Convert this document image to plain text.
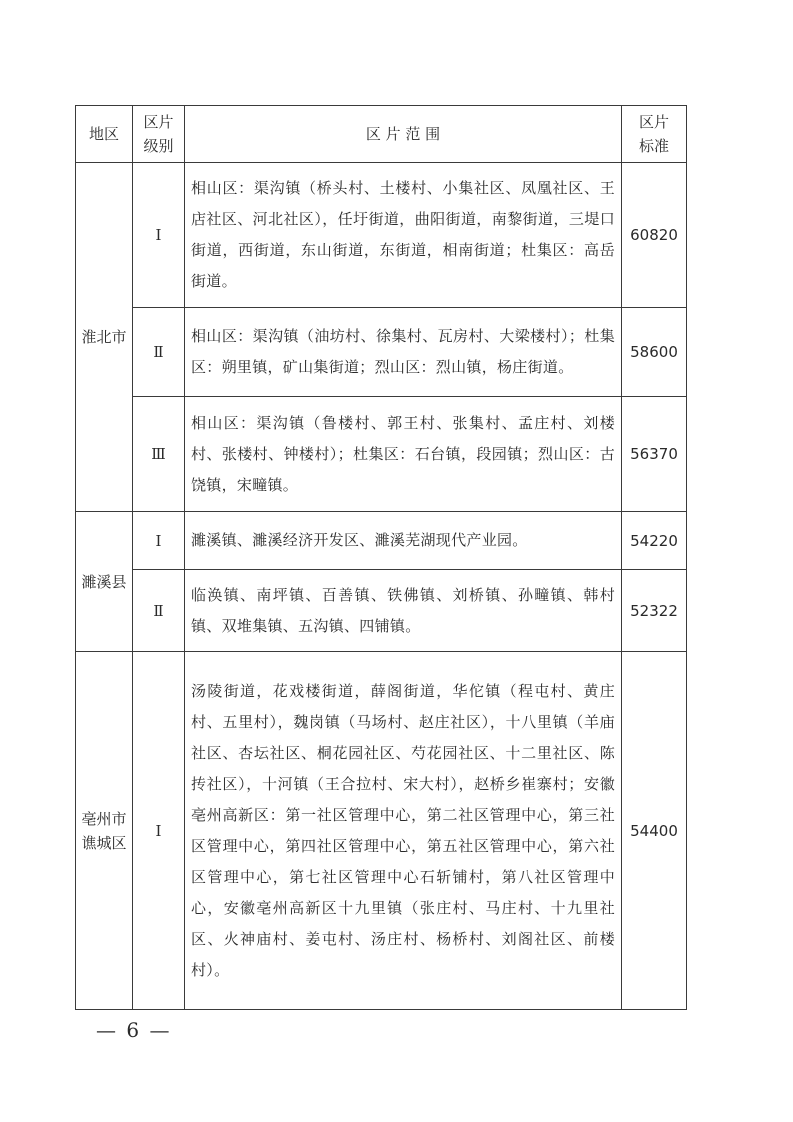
地区	区片级别	区 片 范 围	区片标准
淮北市	Ⅰ	相山区：渠沟镇（桥头村、土楼村、小集社区、凤凰社区、王店社区、河北社区），任圩街道，曲阳街道，南黎街道，三堤口街道，西街道，东山街道，东街道，相南街道；杜集区：高岳街道。	60820
	Ⅱ	相山区：渠沟镇（油坊村、徐集村、瓦房村、大梁楼村）；杜集区：朔里镇，矿山集街道；烈山区：烈山镇，杨庄街道。	58600
	Ⅲ	相山区：渠沟镇（鲁楼村、郭王村、张集村、孟庄村、刘楼村、张楼村、钟楼村）；杜集区：石台镇，段园镇；烈山区：古饶镇，宋疃镇。	56370
濉溪县	Ⅰ	濉溪镇、濉溪经济开发区、濉溪芜湖现代产业园。	54220
	Ⅱ	临涣镇、南坪镇、百善镇、铁佛镇、刘桥镇、孙疃镇、韩村镇、双堆集镇、五沟镇、四铺镇。	52322
亳州市谯城区	Ⅰ	汤陵街道，花戏楼街道，薛阁街道，华佗镇（程屯村、黄庄村、五里村），魏岗镇（马场村、赵庄社区），十八里镇（羊庙社区、杏坛社区、桐花园社区、芍花园社区、十二里社区、陈抟社区），十河镇（王合拉村、宋大村），赵桥乡崔寨村；安徽亳州高新区：第一社区管理中心，第二社区管理中心，第三社区管理中心，第四社区管理中心，第五社区管理中心，第六社区管理中心，第七社区管理中心石斩铺村，第八社区管理中心，安徽亳州高新区十九里镇（张庄村、马庄村、十九里社区、火神庙村、姜屯村、汤庄村、杨桥村、刘阁社区、前楼村）。	54400
— 6 —
